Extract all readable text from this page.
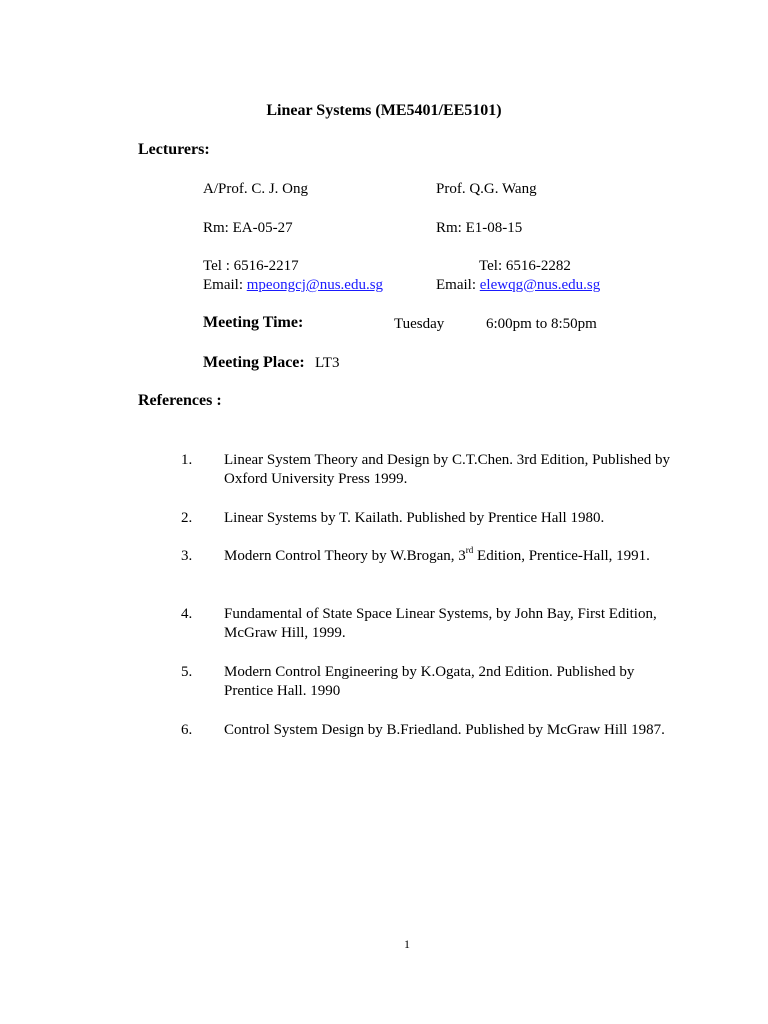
Linear Systems (ME5401/EE5101)
Lecturers:
A/Prof. C. J. Ong
Rm: EA-05-27
Tel : 6516-2217
Email: mpeongcj@nus.edu.sg
Prof. Q.G. Wang
Rm: E1-08-15
Tel: 6516-2282
Email: elewqg@nus.edu.sg
Meeting Time:	Tuesday	6:00pm to 8:50pm
Meeting Place: LT3
References :
1. Linear System Theory and Design by C.T.Chen. 3rd Edition, Published by Oxford University Press 1999.
2. Linear Systems by T. Kailath. Published by Prentice Hall 1980.
3. Modern Control Theory by W.Brogan, 3rd Edition, Prentice-Hall, 1991.
4. Fundamental of State Space Linear Systems, by John Bay, First Edition, McGraw Hill, 1999.
5. Modern Control Engineering by K.Ogata, 2nd Edition. Published by Prentice Hall. 1990
6. Control System Design by B.Friedland. Published by McGraw Hill 1987.
1
